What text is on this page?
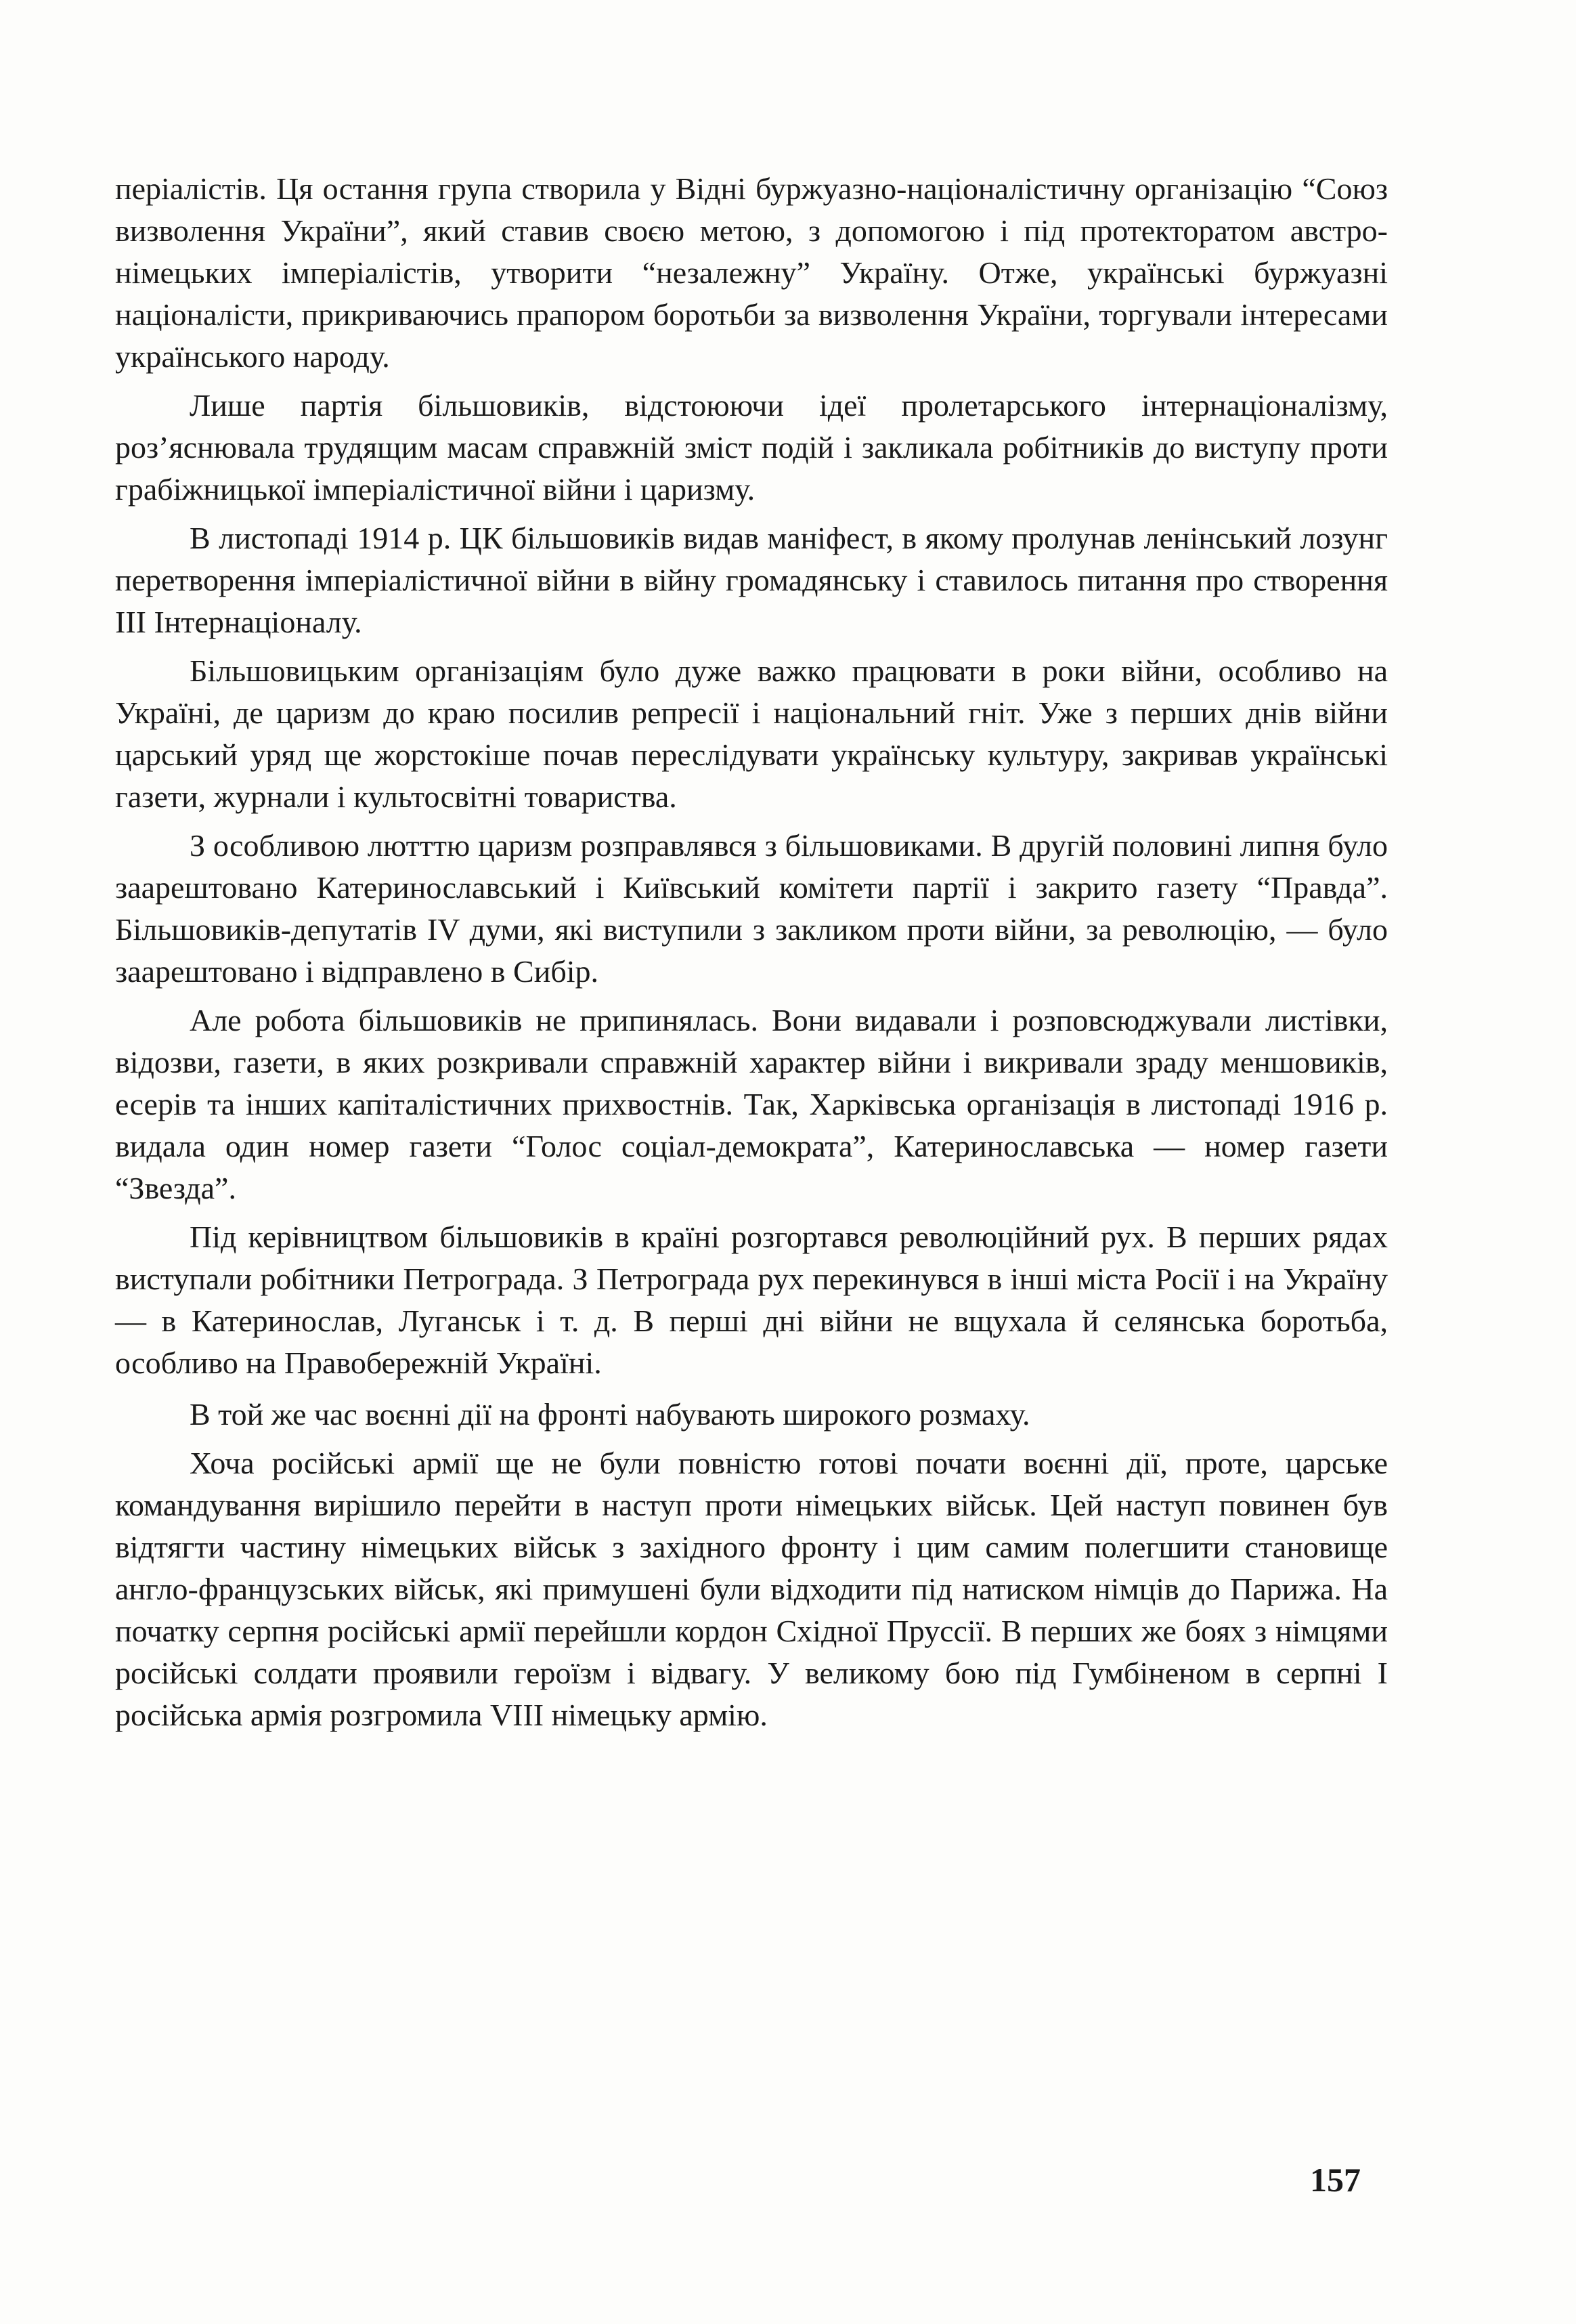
періалістів. Ця остання група створила у Відні буржуазно-націоналістичну організацію “Союз визволення України”, який ставив своєю метою, з допомогою і під протекторатом австро-німецьких імперіалістів, утворити “незалежну” Україну. Отже, українські буржуазні націоналісти, прикриваючись прапором боротьби за визволення України, торгували інтересами українського народу.

Лише партія більшовиків, відстоюючи ідеї пролетарського інтернаціоналізму, роз’яснювала трудящим масам справжній зміст подій і закликала робітників до виступу проти грабіжницької імперіалістичної війни і царизму.

В листопаді 1914 р. ЦК більшовиків видав маніфест, в якому пролунав ленінський лозунг перетворення імперіалістичної війни в війну громадянську і ставилось питання про створення III Інтернаціоналу.

Більшовицьким організаціям було дуже важко працювати в роки війни, особливо на Україні, де царизм до краю посилив репресії і національний гніт. Уже з перших днів війни царський уряд ще жорстокіше почав переслідувати українську культуру, закривав українські газети, журнали і культосвітні товариства.

З особливою лютттю царизм розправлявся з більшовиками. В другій половині липня було заарештовано Катеринославський і Київський комітети партії і закрито газету “Правда”. Більшовиків-депутатів IV думи, які виступили з закликом проти війни, за революцію, — було заарештовано і відправлено в Сибір.

Але робота більшовиків не припинялась. Вони видавали і розповсюджували листівки, відозви, газети, в яких розкривали справжній характер війни і викривали зраду меншовиків, есерів та інших капіталістичних прихвостнів. Так, Харківська організація в листопаді 1916 р. видала один номер газети “Голос соціал-демократа”, Катеринославська — номер газети “Звезда”.

Під керівництвом більшовиків в країні розгортався революційний рух. В перших рядах виступали робітники Петрограда. З Петрограда рух перекинувся в інші міста Росії і на Україну — в Катеринослав, Луганськ і т. д. В перші дні війни не вщухала й селянська боротьба, особливо на Правобережній Україні.

В той же час воєнні дії на фронті набувають широкого розмаху.

Хоча російські армії ще не були повністю готові почати воєнні дії, проте, царське командування вирішило перейти в наступ проти німецьких військ. Цей наступ повинен був відтягти частину німецьких військ з західного фронту і цим самим полегшити становище англо-французських військ, які примушені були відходити під натиском німців до Парижа. На початку серпня російські армії перейшли кордон Східної Пруссії. В перших же боях з німцями російські солдати проявили героїзм і відвагу. У великому бою під Гумбіненом в серпні I російська армія розгромила VIII німецьку армію.

157
